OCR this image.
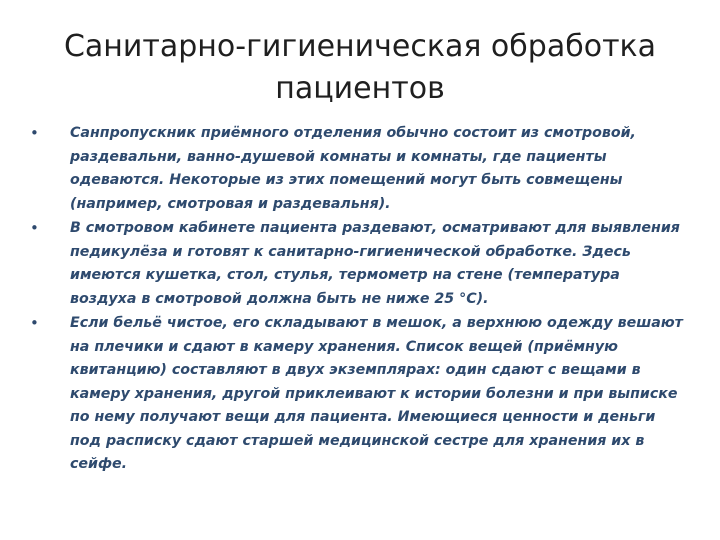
Санитарно-гигиеническая обработка пациентов
• Санпропускник приёмного отделения обычно состоит из смотровой, раздевальни, ванно-душевой комнаты и комнаты, где пациенты одеваются. Некоторые из этих помещений могут быть совмещены (например, смотровая и раздевальня).
• В смотровом кабинете пациента раздевают, осматривают для выявления педикулёза и готовят к санитарно-гигиенической обработке. Здесь имеются кушетка, стол, стулья, термометр на стене (температура воздуха в смотровой должна быть не ниже 25 °С).
• Если бельё чистое, его складывают в мешок, а верхнюю одежду вешают на плечики и сдают в камеру хранения. Список вещей (приёмную квитанцию) составляют в двух экземплярах: один сдают с вещами в камеру хранения, другой приклеивают к истории болезни и при выписке по нему получают вещи для пациента. Имеющиеся ценности и деньги под расписку сдают старшей медицинской сестре для хранения их в сейфе.
